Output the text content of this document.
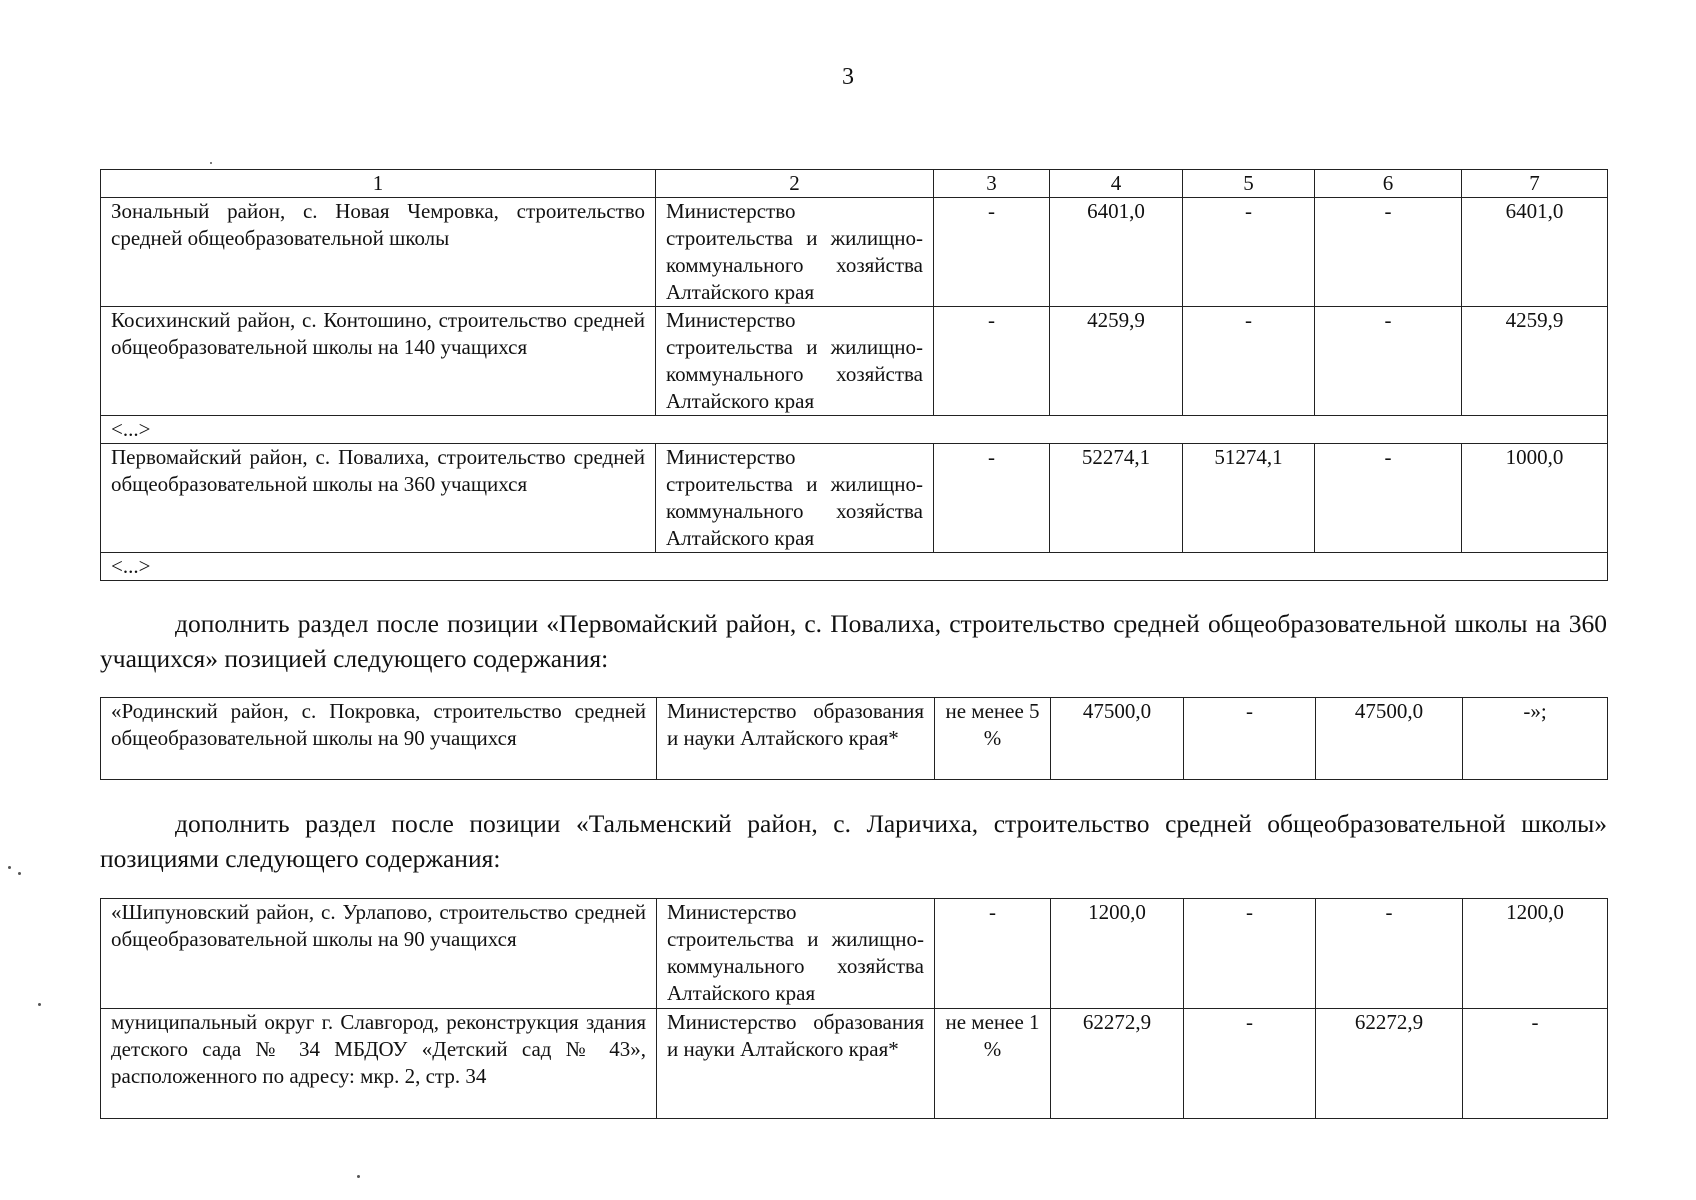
3
1	2	3	4	5	6	7
Зональный район, с. Новая Чемровка, строительство средней общеобразовательной школы	Министерство строительства и жилищно-коммунального хозяйства Алтайского края	-	6401,0	-	-	6401,0
Косихинский район, с. Контошино, строительство средней общеобразовательной школы на 140 учащихся	Министерство строительства и жилищно-коммунального хозяйства Алтайского края	-	4259,9	-	-	4259,9
<...>						
Первомайский район, с. Повалиха, строительство средней общеобразовательной школы на 360 учащихся	Министерство строительства и жилищно-коммунального хозяйства Алтайского края	-	52274,1	51274,1	-	1000,0
<...>						
дополнить раздел после позиции «Первомайский район, с. Повалиха, строительство средней общеобразовательной школы на 360 учащихся» позицией следующего содержания:
«Родинский район, с. Покровка, строительство средней общеобразовательной школы на 90 учащихся	Министерство образования и науки Алтайского края*	не менее 5 %	47500,0	-	47500,0	-»;
дополнить раздел после позиции «Тальменский район, с. Ларичиха, строительство средней общеобразовательной школы» позициями следующего содержания:
«Шипуновский район, с. Урлапово, строительство средней общеобразовательной школы на 90 учащихся	Министерство строительства и жилищно-коммунального хозяйства Алтайского края	-	1200,0	-	-	1200,0
муниципальный округ г. Славгород, реконструкция здания детского сада № 34 МБДОУ «Детский сад № 43», расположенного по адресу: мкр. 2, стр. 34	Министерство образования и науки Алтайского края*	не менее 1 %	62272,9	-	62272,9	-
